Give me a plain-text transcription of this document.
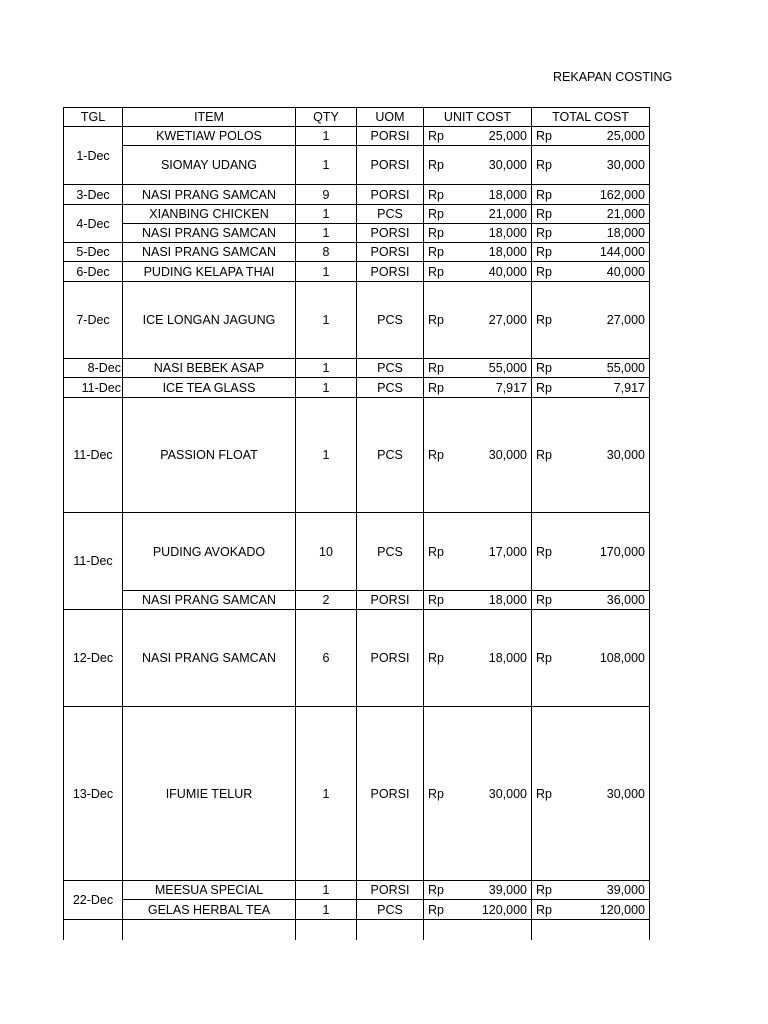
REKAPAN COSTING
TGL	ITEM	QTY	UOM	UNIT COST	TOTAL COST
1-Dec	KWETIAW POLOS	1	PORSI	Rp 25,000	Rp 25,000

	SIOMAY UDANG	1	PORSI	Rp 30,000	Rp 30,000

3-Dec	NASI PRANG SAMCAN	9	PORSI	Rp 18,000	Rp 162,000

4-Dec	XIANBING CHICKEN	1	PCS	Rp 21,000	Rp 21,000

	NASI PRANG SAMCAN	1	PORSI	Rp 18,000	Rp 18,000

5-Dec	NASI PRANG SAMCAN	8	PORSI	Rp 18,000	Rp 144,000

6-Dec	PUDING KELAPA THAI	1	PORSI	Rp 40,000	Rp 40,000

7-Dec	ICE LONGAN JAGUNG	1	PCS	Rp 27,000	Rp 27,000

8-Dec	NASI BEBEK ASAP	1	PCS	Rp 55,000	Rp 55,000

11-Dec	ICE TEA GLASS	1	PCS	Rp 7,917	Rp 7,917

11-Dec	PASSION FLOAT	1	PCS	Rp 30,000	Rp 30,000

11-Dec	PUDING AVOKADO	10	PCS	Rp 17,000	Rp 170,000

	NASI PRANG SAMCAN	2	PORSI	Rp 18,000	Rp 36,000

12-Dec	NASI PRANG SAMCAN	6	PORSI	Rp 18,000	Rp 108,000

13-Dec	IFUMIE TELUR	1	PORSI	Rp 30,000	Rp 30,000

22-Dec	MEESUA SPECIAL	1	PORSI	Rp 39,000	Rp 39,000

	GELAS HERBAL TEA	1	PCS	Rp 120,000	Rp 120,000
